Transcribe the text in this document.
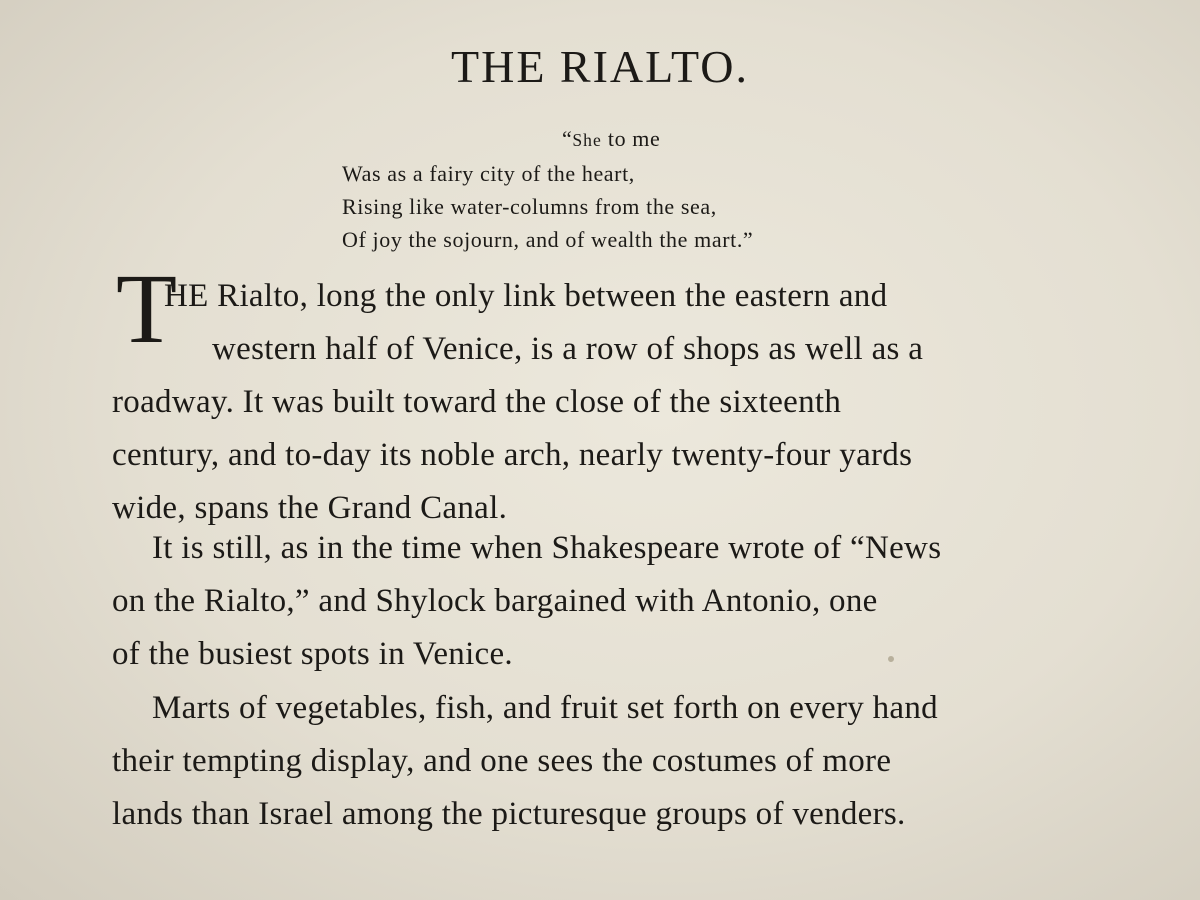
THE RIALTO.
“She to me
Was as a fairy city of the heart,
Rising like water-columns from the sea,
Of joy the sojourn, and of wealth the mart.”
T
HE Rialto, long the only link between the eastern and
western half of Venice, is a row of shops as well as a
roadway. It was built toward the close of the sixteenth
century, and to-day its noble arch, nearly twenty-four yards
wide, spans the Grand Canal.
It is still, as in the time when Shakespeare wrote of “News
on the Rialto,” and Shylock bargained with Antonio, one
of the busiest spots in Venice.
Marts of vegetables, fish, and fruit set forth on every hand
their tempting display, and one sees the costumes of more
lands than Israel among the picturesque groups of venders.
